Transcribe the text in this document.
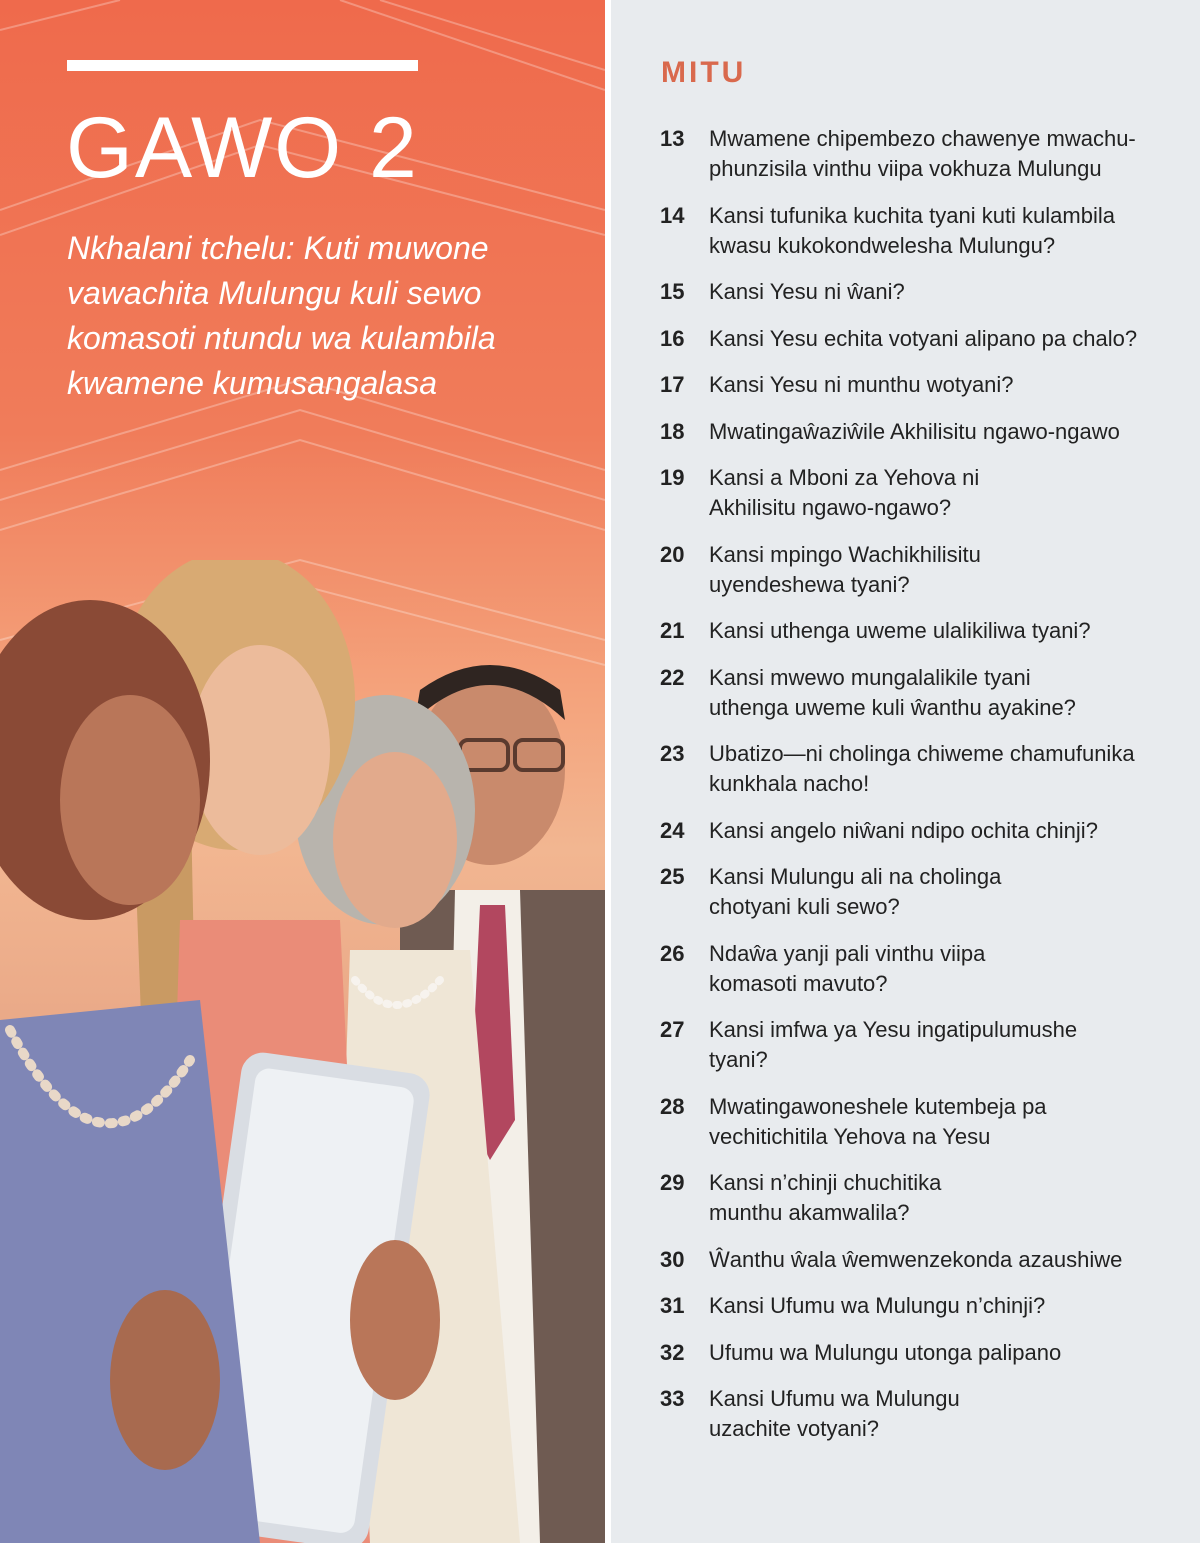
GAWO 2

Nkhalani tchelu: Kuti muwone vawachita Mulungu kuli sewo komasoti ntundu wa kulambila kwamene kumusangalasa

MITU
13	Mwamene chipembezo chawenye mwachu-
phunzisila vinthu viipa vokhuza Mulungu
14	Kansi tufunika kuchita tyani kuti kulambila
kwasu kukokondwelesha Mulungu?
15	Kansi Yesu ni ŵani?
16	Kansi Yesu echita votyani alipano pa chalo?
17	Kansi Yesu ni munthu wotyani?
18	Mwatingaŵaziŵile Akhilisitu ngawo-ngawo
19	Kansi a Mboni za Yehova ni
Akhilisitu ngawo-ngawo?
20	Kansi mpingo Wachikhilisitu
uyendeshewa tyani?
21	Kansi uthenga uweme ulalikiliwa tyani?
22	Kansi mwewo mungalalikile tyani
uthenga uweme kuli ŵanthu ayakine?
23	Ubatizo—ni cholinga chiweme chamufunika
kunkhala nacho!
24	Kansi angelo niŵani ndipo ochita chinji?
25	Kansi Mulungu ali na cholinga
chotyani kuli sewo?
26	Ndaŵa yanji pali vinthu viipa
komasoti mavuto?
27	Kansi imfwa ya Yesu ingatipulumushe
tyani?
28	Mwatingawoneshele kutembeja pa
vechitichitila Yehova na Yesu
29	Kansi n’chinji chuchitika
munthu akamwalila?
30	Ŵanthu ŵala ŵemwenzekonda azaushiwe
31	Kansi Ufumu wa Mulungu n’chinji?
32	Ufumu wa Mulungu utonga palipano
33	Kansi Ufumu wa Mulungu
uzachite votyani?
